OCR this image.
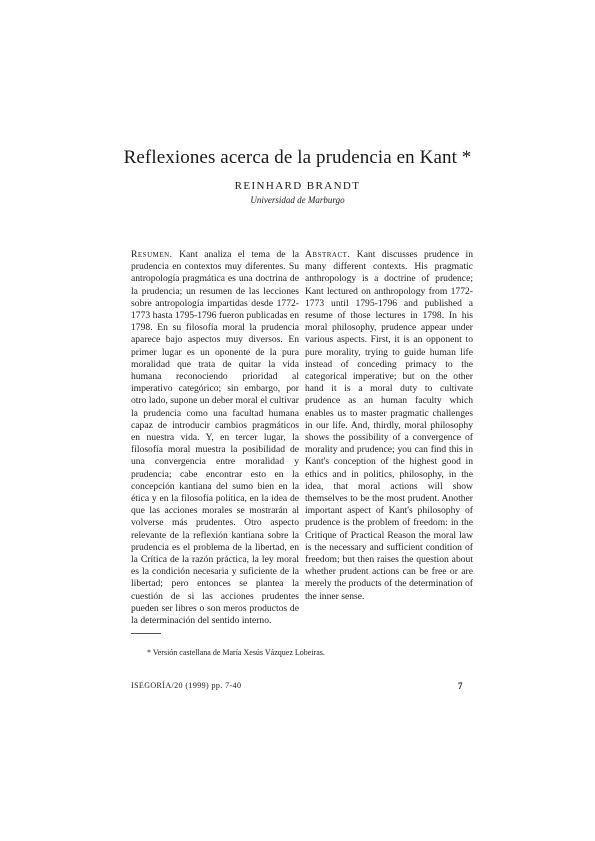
Reflexiones acerca de la prudencia en Kant *
REINHARD BRANDT
Universidad de Marburgo
Resumen. Kant analiza el tema de la prudencia en contextos muy diferentes. Su antropología pragmática es una doctrina de la prudencia; un resumen de las lecciones sobre antropología impartidas desde 1772-1773 hasta 1795-1796 fueron publicadas en 1798. En su filosofía moral la prudencia aparece bajo aspectos muy diversos. En primer lugar es un oponente de la pura moralidad que trata de quitar la vida humana reconociendo prioridad al imperativo categórico; sin embargo, por otro lado, supone un deber moral el cultivar la prudencia como una facultad humana capaz de introducir cambios pragmáticos en nuestra vida. Y, en tercer lugar, la filosofía moral muestra la posibilidad de una convergencia entre moralidad y prudencia; cabe encontrar esto en la concepción kantiana del sumo bien en la ética y en la filosofía política, en la idea de que las acciones morales se mostrarán al volverse más prudentes. Otro aspecto relevante de la reflexión kantiana sobre la prudencia es el problema de la libertad, en la Crítica de la razón práctica, la ley moral es la condición necesaria y suficiente de la libertad; pero entonces se plantea la cuestión de si las acciones prudentes pueden ser libres o son meros productos de la determinación del sentido interno.
Abstract. Kant discusses prudence in many different contexts. His pragmatic anthropology is a doctrine of prudence; Kant lectured on anthropology from 1772-1773 until 1795-1796 and published a resume of those lectures in 1798. In his moral philosophy, prudence appear under various aspects. First, it is an opponent to pure morality, trying to guide human life instead of conceding primacy to the categorical imperative; but on the other hand it is a moral duty to cultivate prudence as an human faculty which enables us to master pragmatic challenges in our life. And, thirdly, moral philosophy shows the possibility of a convergence of morality and prudence; you can find this in Kant's conception of the highest good in ethics and in politics, philosophy, in the idea, that moral actions will show themselves to be the most prudent. Another important aspect of Kant's philosophy of prudence is the problem of freedom: in the Critique of Practical Reason the moral law is the necessary and sufficient condition of freedom; but then raises the question about whether prudent actions can be free or are merely the products of the determination of the inner sense.
* Versión castellana de María Xesús Vázquez Lobeiras.
ISEGORÍA/20 (1999) pp. 7-40	7
